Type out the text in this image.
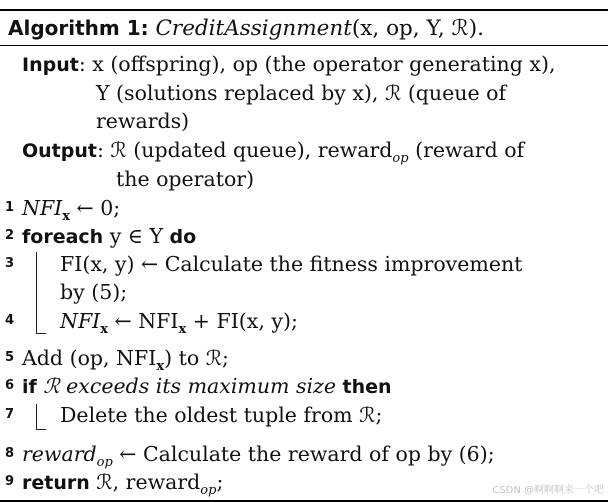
Algorithm 1: CreditAssignment(x, op, Y, ℛ).
Input: x (offspring), op (the operator generating x),
Y (solutions replaced by x), ℛ (queue of
rewards)
Output: ℛ (updated queue), reward$_{op}$ (reward of
the operator)
1 $NFI_x$ ← 0;
2 foreach y ∈ Y do
3 FI(x, y) ← Calculate the fitness improvement
by (5);
4 $NFI_x$ ← $NFI_x + FI(x$, y);
5 Add (op, $NFI_x$) to ℛ;
6 if ℛ exceeds its maximum size then
7 Delete the oldest tuple from ℛ;
8 reward$_{op}$ ← Calculate the reward of op by (6);
9 return ℛ, reward$_{op}$;	CSDN @啊啊啊来一个吧
